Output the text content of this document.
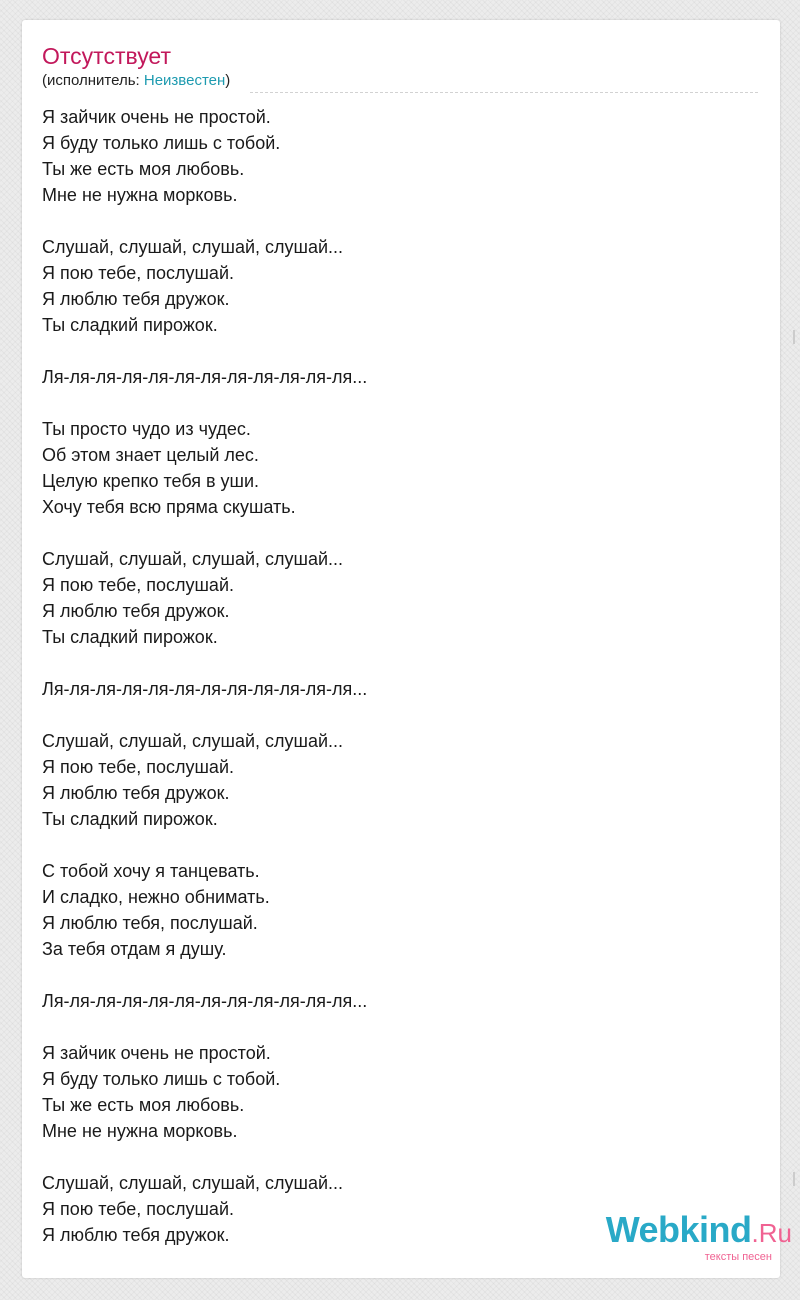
Отсутствует
(исполнитель: Неизвестен)
Я зайчик очень не простой.
Я буду только лишь с тобой.
Ты же есть моя любовь.
Мне не нужна морковь.
Слушай, слушай, слушай, слушай...
Я пою тебе, послушай.
Я люблю тебя дружок.
Ты сладкий пирожок.
Ля-ля-ля-ля-ля-ля-ля-ля-ля-ля-ля-ля...
Ты просто чудо из чудес.
Об этом знает целый лес.
Целую крепко тебя в уши.
Хочу тебя всю пряма скушать.
Слушай, слушай, слушай, слушай...
Я пою тебе, послушай.
Я люблю тебя дружок.
Ты сладкий пирожок.
Ля-ля-ля-ля-ля-ля-ля-ля-ля-ля-ля-ля...
Слушай, слушай, слушай, слушай...
Я пою тебе, послушай.
Я люблю тебя дружок.
Ты сладкий пирожок.
С тобой хочу я танцевать.
И сладко, нежно обнимать.
Я люблю тебя, послушай.
За тебя отдам я душу.
Ля-ля-ля-ля-ля-ля-ля-ля-ля-ля-ля-ля...
Я зайчик очень не простой.
Я буду только лишь с тобой.
Ты же есть моя любовь.
Мне не нужна морковь.
Слушай, слушай, слушай, слушай...
Я пою тебе, послушай.
Я люблю тебя дружок.	Webkind.Ru
тексты песен
